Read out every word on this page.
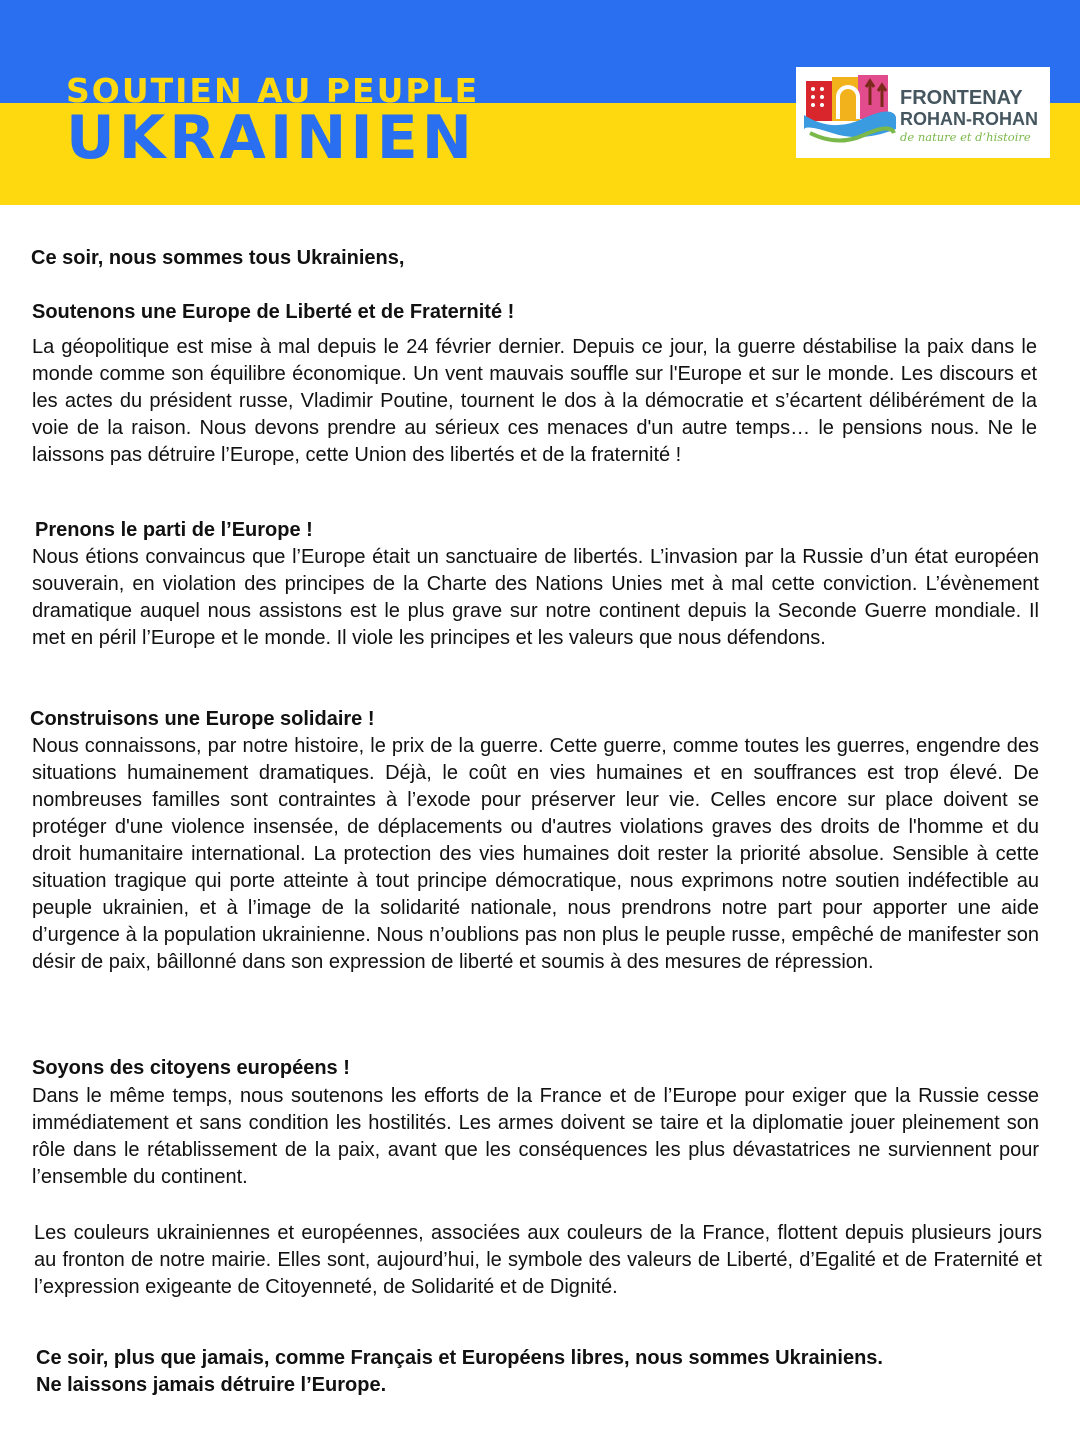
SOUTIEN AU PEUPLE
UKRAINIEN
FRONTENAY
ROHAN-ROHAN
de nature et d’histoire

Ce soir, nous sommes tous Ukrainiens,

Soutenons une Europe de Liberté et de Fraternité !

La géopolitique est mise à mal depuis le 24 février dernier. Depuis ce jour, la guerre déstabilise la paix dans le monde comme son équilibre économique. Un vent mauvais souffle sur l'Europe et sur le monde. Les discours et les actes du président russe, Vladimir Poutine, tournent le dos à la démocratie et s’écartent délibérément de la voie de la raison. Nous devons prendre au sérieux ces menaces d'un autre temps… le pensions nous. Ne le laissons pas détruire l’Europe, cette Union des libertés et de la fraternité !

Prenons le parti de l’Europe !

Nous étions convaincus que l’Europe était un sanctuaire de libertés. L’invasion par la Russie d’un état européen souverain, en violation des principes de la Charte des Nations Unies met à mal cette conviction. L’évènement dramatique auquel nous assistons est le plus grave sur notre continent depuis la Seconde Guerre mondiale. Il met en péril l’Europe et le monde. Il viole les principes et les valeurs que nous défendons.

Construisons une Europe solidaire !

Nous connaissons, par notre histoire, le prix de la guerre. Cette guerre, comme toutes les guerres, engendre des situations humainement dramatiques. Déjà, le coût en vies humaines et en souffrances est trop élevé. De nombreuses familles sont contraintes à l’exode pour préserver leur vie. Celles encore sur place doivent se protéger d'une violence insensée, de déplacements ou d'autres violations graves des droits de l'homme et du droit humanitaire international. La protection des vies humaines doit rester la priorité absolue. Sensible à cette situation tragique qui porte atteinte à tout principe démocratique, nous exprimons notre soutien indéfectible au peuple ukrainien, et à l’image de la solidarité nationale, nous prendrons notre part pour apporter une aide d’urgence à la population ukrainienne. Nous n’oublions pas non plus le peuple russe, empêché de manifester son désir de paix, bâillonné dans son expression de liberté et soumis à des mesures de répression.

Soyons des citoyens européens !

Dans le même temps, nous soutenons les efforts de la France et de l’Europe pour exiger que la Russie cesse immédiatement et sans condition les hostilités. Les armes doivent se taire et la diplomatie jouer pleinement son rôle dans le rétablissement de la paix, avant que les conséquences les plus dévastatrices ne surviennent pour l’ensemble du continent.

Les couleurs ukrainiennes et européennes, associées aux couleurs de la France, flottent depuis plusieurs jours au fronton de notre mairie. Elles sont, aujourd’hui, le symbole des valeurs de Liberté, d’Egalité et de Fraternité et l’expression exigeante de Citoyenneté, de Solidarité et de Dignité.

Ce soir, plus que jamais, comme Français et Européens libres, nous sommes Ukrainiens.
Ne laissons jamais détruire l’Europe.
